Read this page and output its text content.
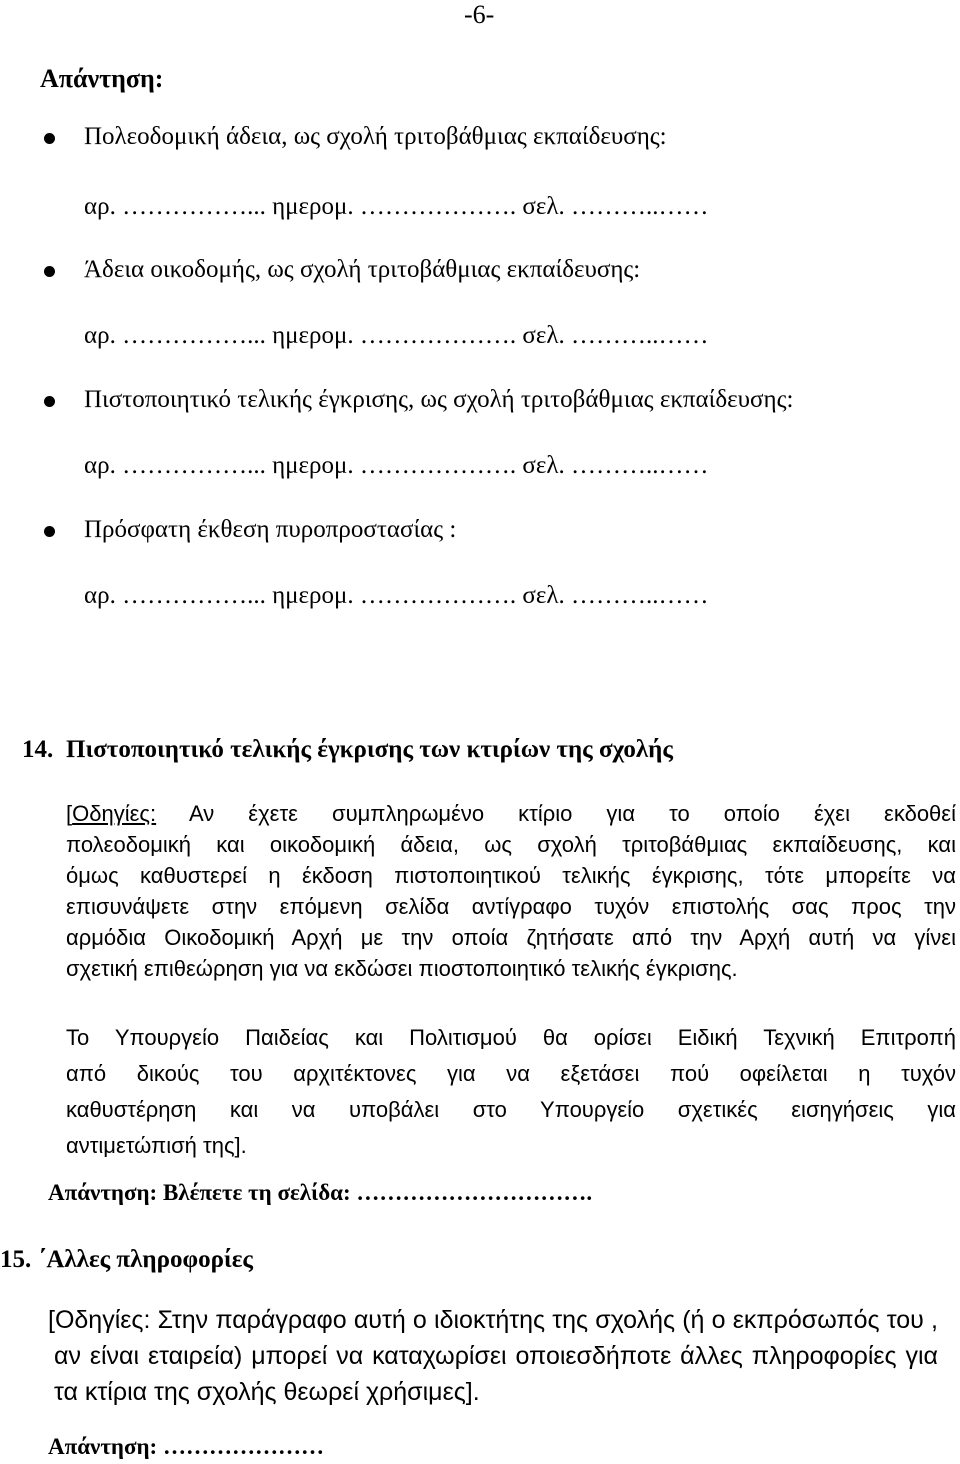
-6-
Απάντηση:
Πολεοδομική άδεια, ως σχολή τριτοβάθμιας εκπαίδευσης:
αρ. ……………... ημερομ. ………………. σελ. ………..……
Άδεια οικοδομής, ως σχολή τριτοβάθμιας εκπαίδευσης:
αρ. ……………... ημερομ. ………………. σελ. ………..……
Πιστοποιητικό τελικής έγκρισης, ως σχολή τριτοβάθμιας εκπαίδευσης:
αρ. ……………... ημερομ. ………………. σελ. ………..……
Πρόσφατη έκθεση πυροπροστασίας :
αρ. ……………... ημερομ. ………………. σελ. ………..……
14. Πιστοποιητικό τελικής έγκρισης των κτιρίων της σχολής
[Οδηγίες: Αν έχετε συμπληρωμένο κτίριο για το οποίο έχει εκδοθεί
πολεοδομική και οικοδομική άδεια, ως σχολή τριτοβάθμιας εκπαίδευσης, και
όμως καθυστερεί η έκδοση πιστοποιητικού τελικής έγκρισης, τότε μπορείτε να
επισυνάψετε στην επόμενη σελίδα αντίγραφο τυχόν επιστολής σας προς την
αρμόδια Οικοδομική Αρχή με την οποία ζητήσατε από την Αρχή αυτή να γίνει
σχετική επιθεώρηση για να εκδώσει πιοστοποιητικό τελικής έγκρισης.
Το Υπουργείο Παιδείας και Πολιτισμού θα ορίσει Ειδική Τεχνική Επιτροπή
από δικούς του αρχιτέκτονες για να εξετάσει πού οφείλεται η τυχόν
καθυστέρηση και να υποβάλει στο Υπουργείο σχετικές εισηγήσεις για
αντιμετώπισή της].
Απάντηση: Βλέπετε τη σελίδα: ………………………….
15. ΄Αλλες πληροφορίες
[Οδηγίες: Στην παράγραφο αυτή ο ιδιοκτήτης της σχολής (ή ο εκπρόσωπός του ,
αν είναι εταιρεία) μπορεί να καταχωρίσει οποιεσδήποτε άλλες πληροφορίες για
τα κτίρια της σχολής θεωρεί χρήσιμες].
Απάντηση: …………………
